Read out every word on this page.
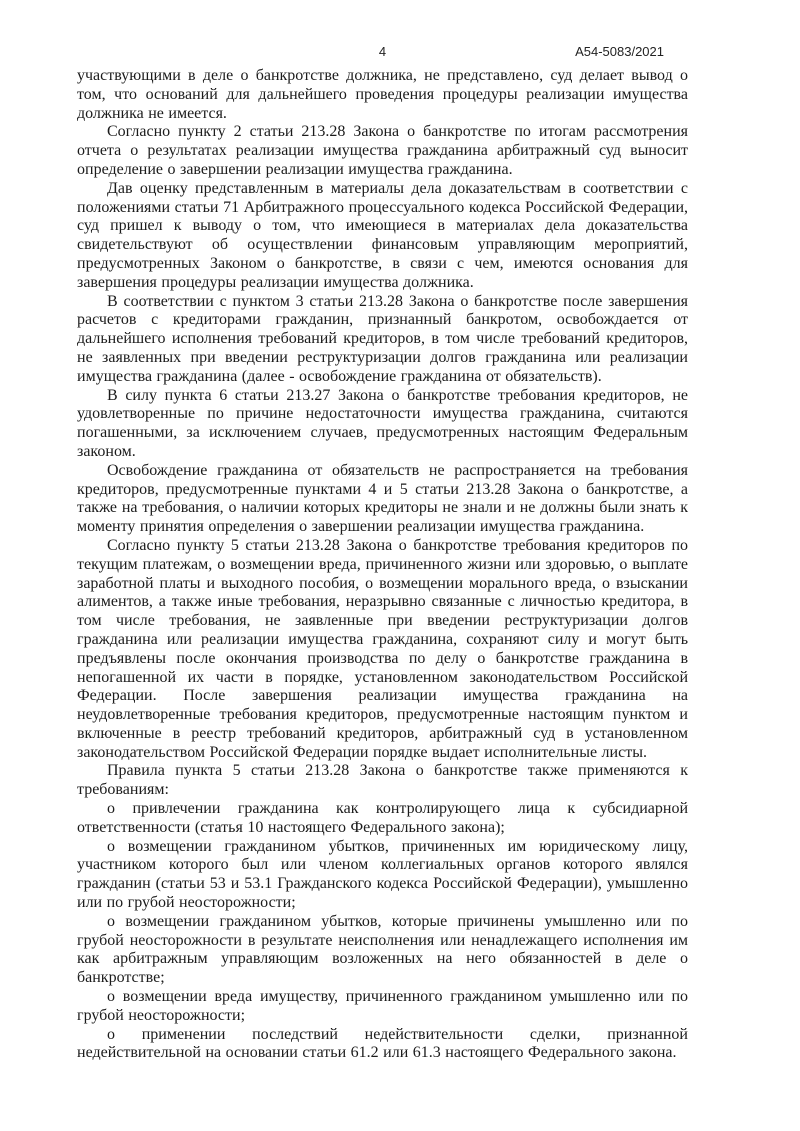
4	А54-5083/2021

участвующими в деле о банкротстве должника, не представлено, суд делает вывод о том, что оснований для дальнейшего проведения процедуры реализации имущества должника не имеется.

Согласно пункту 2 статьи 213.28 Закона о банкротстве по итогам рассмотрения отчета о результатах реализации имущества гражданина арбитражный суд выносит определение о завершении реализации имущества гражданина.

Дав оценку представленным в материалы дела доказательствам в соответствии с положениями статьи 71 Арбитражного процессуального кодекса Российской Федерации, суд пришел к выводу о том, что имеющиеся в материалах дела доказательства свидетельствуют об осуществлении финансовым управляющим мероприятий, предусмотренных Законом о банкротстве, в связи с чем, имеются основания для завершения процедуры реализации имущества должника.

В соответствии с пунктом 3 статьи 213.28 Закона о банкротстве после завершения расчетов с кредиторами гражданин, признанный банкротом, освобождается от дальнейшего исполнения требований кредиторов, в том числе требований кредиторов, не заявленных при введении реструктуризации долгов гражданина или реализации имущества гражданина (далее - освобождение гражданина от обязательств).

В силу пункта 6 статьи 213.27 Закона о банкротстве требования кредиторов, не удовлетворенные по причине недостаточности имущества гражданина, считаются погашенными, за исключением случаев, предусмотренных настоящим Федеральным законом.

Освобождение гражданина от обязательств не распространяется на требования кредиторов, предусмотренные пунктами 4 и 5 статьи 213.28 Закона о банкротстве, а также на требования, о наличии которых кредиторы не знали и не должны были знать к моменту принятия определения о завершении реализации имущества гражданина.

Согласно пункту 5 статьи 213.28 Закона о банкротстве требования кредиторов по текущим платежам, о возмещении вреда, причиненного жизни или здоровью, о выплате заработной платы и выходного пособия, о возмещении морального вреда, о взыскании алиментов, а также иные требования, неразрывно связанные с личностью кредитора, в том числе требования, не заявленные при введении реструктуризации долгов гражданина или реализации имущества гражданина, сохраняют силу и могут быть предъявлены после окончания производства по делу о банкротстве гражданина в непогашенной их части в порядке, установленном законодательством Российской Федерации. После завершения реализации имущества гражданина на неудовлетворенные требования кредиторов, предусмотренные настоящим пунктом и включенные в реестр требований кредиторов, арбитражный суд в установленном законодательством Российской Федерации порядке выдает исполнительные листы.

Правила пункта 5 статьи 213.28 Закона о банкротстве также применяются к требованиям:

о привлечении гражданина как контролирующего лица к субсидиарной ответственности (статья 10 настоящего Федерального закона);

о возмещении гражданином убытков, причиненных им юридическому лицу, участником которого был или членом коллегиальных органов которого являлся гражданин (статьи 53 и 53.1 Гражданского кодекса Российской Федерации), умышленно или по грубой неосторожности;

о возмещении гражданином убытков, которые причинены умышленно или по грубой неосторожности в результате неисполнения или ненадлежащего исполнения им как арбитражным управляющим возложенных на него обязанностей в деле о банкротстве;

о возмещении вреда имуществу, причиненного гражданином умышленно или по грубой неосторожности;

о применении последствий недействительности сделки, признанной недействительной на основании статьи 61.2 или 61.3 настоящего Федерального закона.
